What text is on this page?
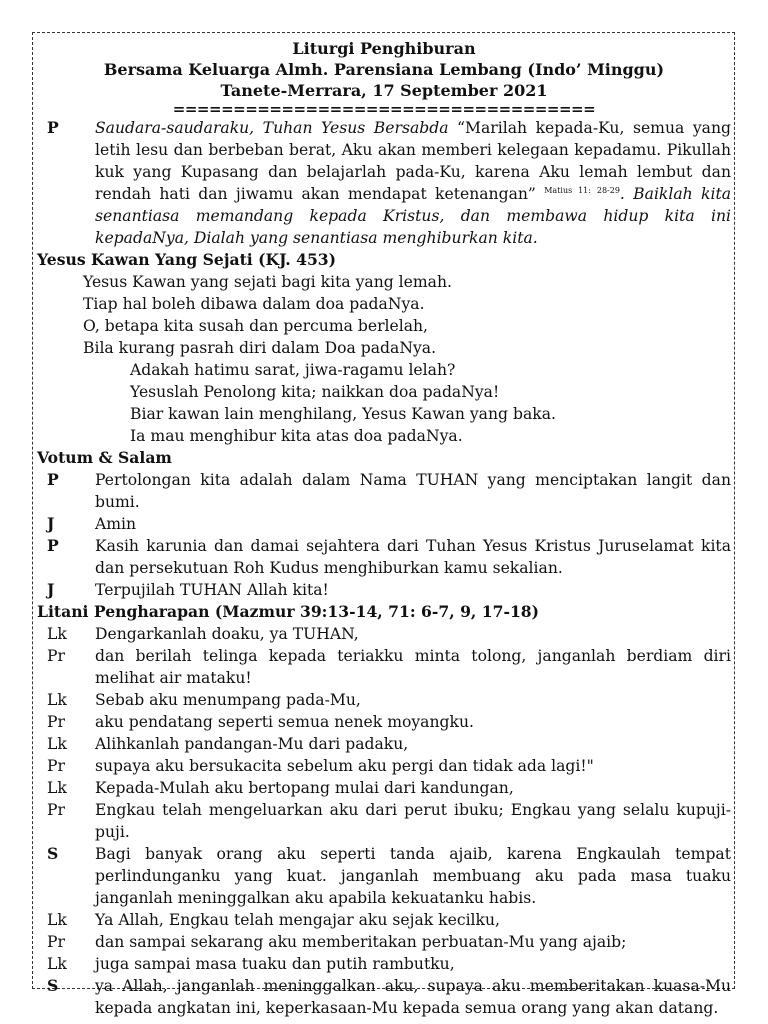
Liturgi Penghiburan
Bersama Keluarga Almh. Parensiana Lembang (Indo’ Minggu)
Tanete-Merrara, 17 September 2021
===================================
P	Saudara-saudaraku, Tuhan Yesus Bersabda “Marilah kepada-Ku, semua yang letih lesu dan berbeban berat, Aku akan memberi kelegaan kepadamu. Pikullah kuk yang Kupasang dan belajarlah pada-Ku, karena Aku lemah lembut dan rendah hati dan jiwamu akan mendapat ketenangan” $^{Matius 11: 28-29}$. Baiklah kita senantiasa memandang kepada Kristus, dan membawa hidup kita ini kepadaNya, Dialah yang senantiasa menghiburkan kita.
Yesus Kawan Yang Sejati (KJ. 453)
Yesus Kawan yang sejati bagi kita yang lemah.
Tiap hal boleh dibawa dalam doa padaNya.
O, betapa kita susah dan percuma berlelah,
Bila kurang pasrah diri dalam Doa padaNya.
Adakah hatimu sarat, jiwa-ragamu lelah?
Yesuslah Penolong kita; naikkan doa padaNya!
Biar kawan lain menghilang, Yesus Kawan yang baka.
Ia mau menghibur kita atas doa padaNya.
Votum & Salam
P	Pertolongan kita adalah dalam Nama TUHAN yang menciptakan langit dan bumi.
J	Amin
P	Kasih karunia dan damai sejahtera dari Tuhan Yesus Kristus Juruselamat kita dan persekutuan Roh Kudus menghiburkan kamu sekalian.
J	Terpujilah TUHAN Allah kita!
Litani Pengharapan (Mazmur 39:13-14, 71: 6-7, 9, 17-18)
Lk	Dengarkanlah doaku, ya TUHAN,
Pr	dan berilah telinga kepada teriakku minta tolong, janganlah berdiam diri melihat air mataku!
Lk	Sebab aku menumpang pada-Mu,
Pr	aku pendatang seperti semua nenek moyangku.
Lk	Alihkanlah pandangan-Mu dari padaku,
Pr	supaya aku bersukacita sebelum aku pergi dan tidak ada lagi!"
Lk	Kepada-Mulah aku bertopang mulai dari kandungan,
Pr	Engkau telah mengeluarkan aku dari perut ibuku; Engkau yang selalu kupuji-puji.
S	Bagi banyak orang aku seperti tanda ajaib, karena Engkaulah tempat perlindunganku yang kuat. janganlah membuang aku pada masa tuaku janganlah meninggalkan aku apabila kekuatanku habis.
Lk	Ya Allah, Engkau telah mengajar aku sejak kecilku,
Pr	dan sampai sekarang aku memberitakan perbuatan-Mu yang ajaib;
Lk	juga sampai masa tuaku dan putih rambutku,
S	ya Allah, janganlah meninggalkan aku, supaya aku memberitakan kuasa-Mu kepada angkatan ini, keperkasaan-Mu kepada semua orang yang akan datang.
